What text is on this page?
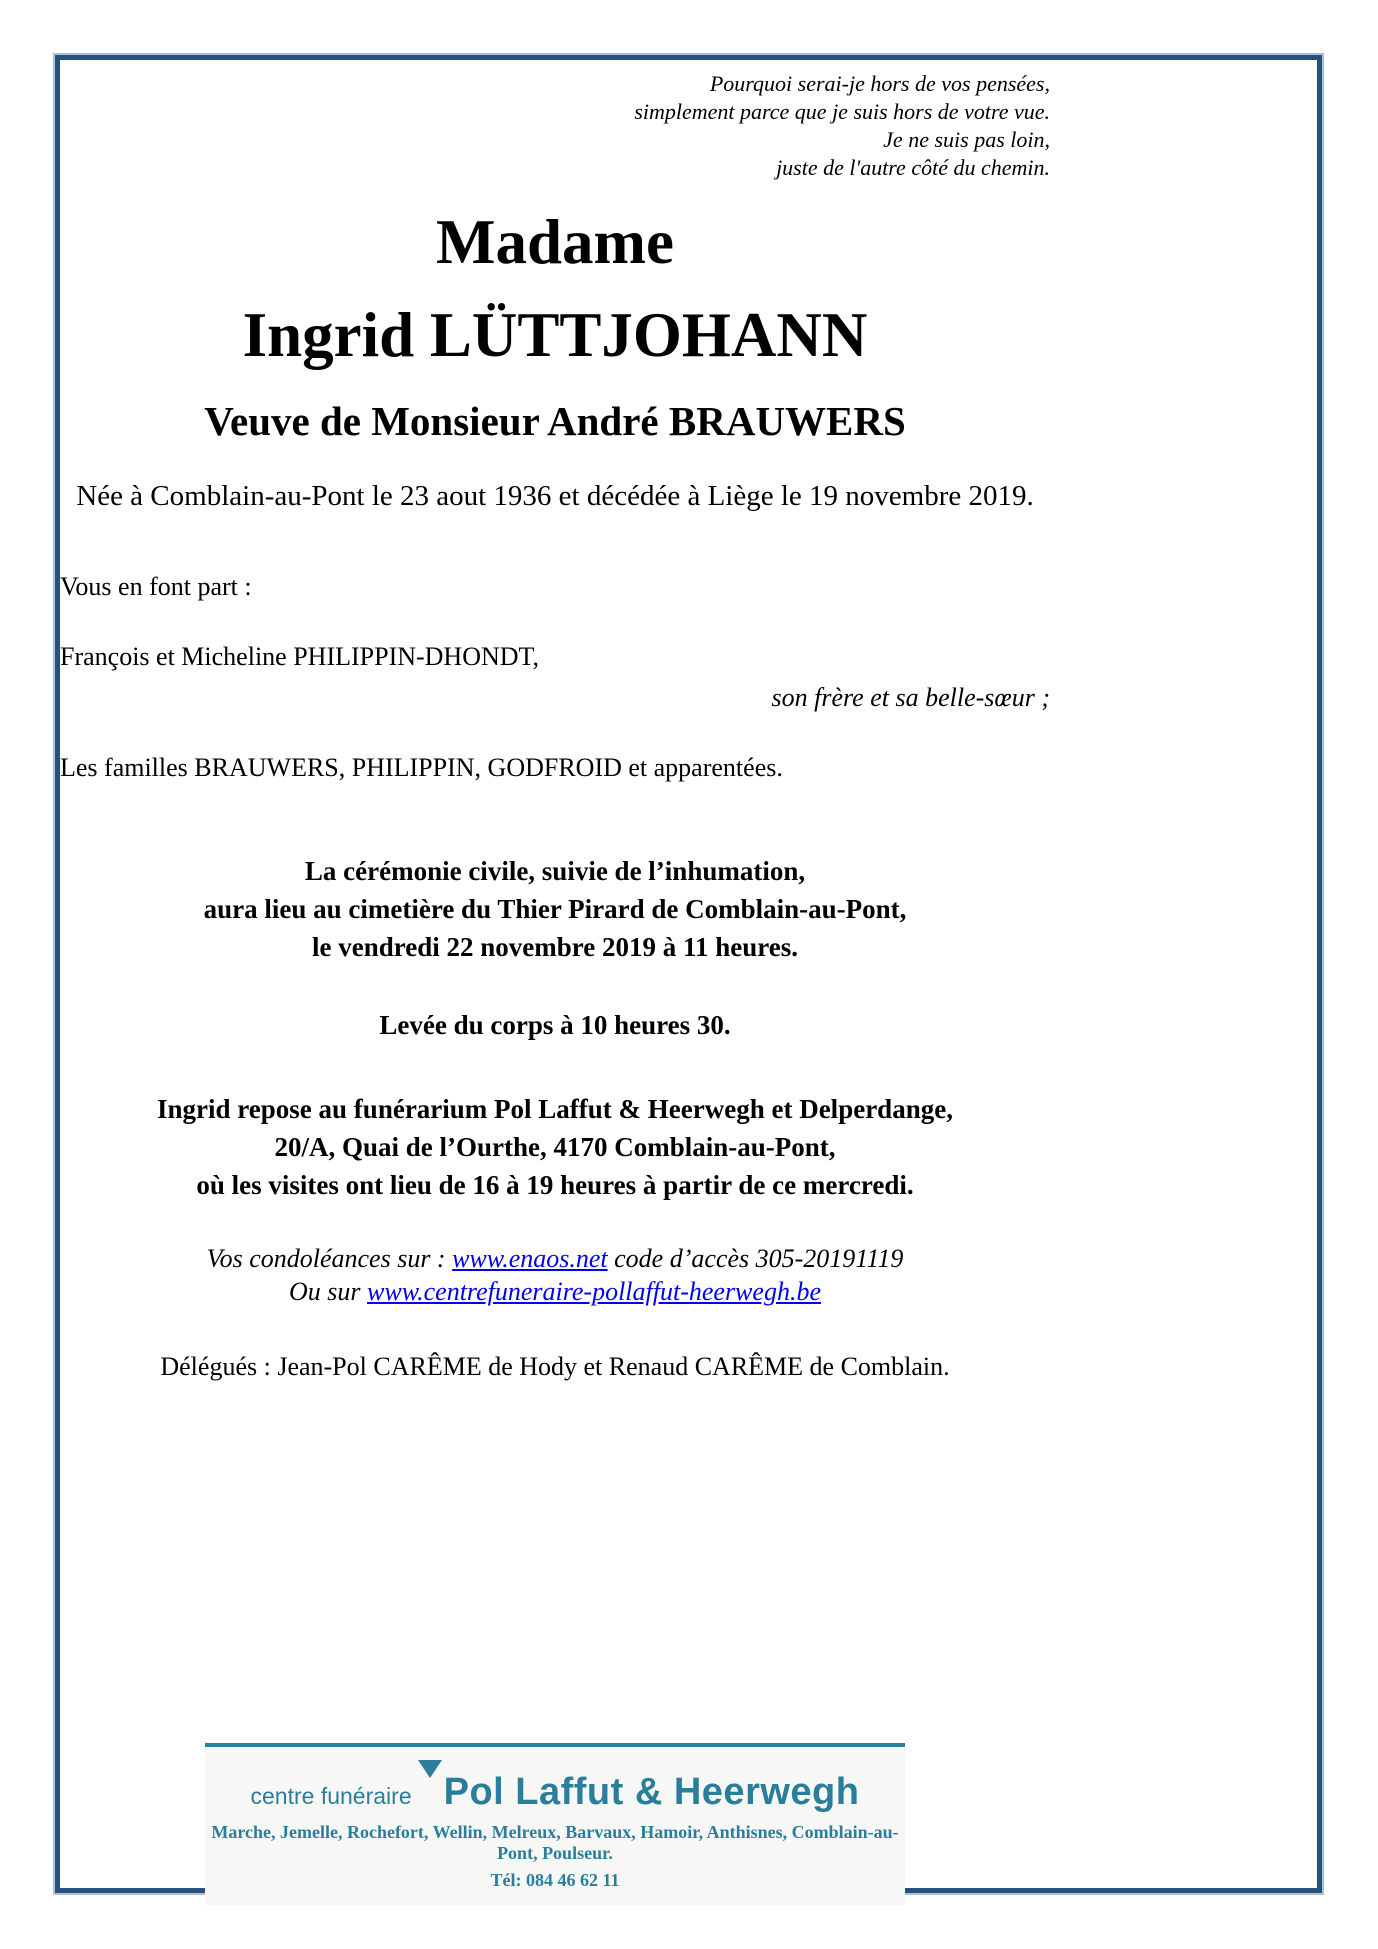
Pourquoi serai-je hors de vos pensées,
simplement parce que je suis hors de votre vue.
Je ne suis pas loin,
juste de l'autre côté du chemin.
Madame
Ingrid LÜTTJOHANN
Veuve de Monsieur André BRAUWERS
Née à Comblain-au-Pont le 23 aout 1936 et décédée à Liège le 19 novembre 2019.
Vous en font part :
François et Micheline PHILIPPIN-DHONDT,
son frère et sa belle-sœur ;
Les familles BRAUWERS, PHILIPPIN, GODFROID et apparentées.
La cérémonie civile, suivie de l’inhumation,
aura lieu au cimetière du Thier Pirard de Comblain-au-Pont,
le vendredi 22 novembre 2019 à 11 heures.
Levée du corps à 10 heures 30.
Ingrid repose au funérarium Pol Laffut & Heerwegh et Delperdange,
20/A, Quai de l’Ourthe, 4170 Comblain-au-Pont,
où les visites ont lieu de 16 à 19 heures à partir de ce mercredi.
Vos condoléances sur : www.enaos.net code d’accès 305-20191119
Ou sur www.centrefuneraire-pollaffut-heerwegh.be
Délégués : Jean-Pol CARÊME de Hody et Renaud CARÊME de Comblain.
centre funéraire Pol Laffut & Heerwegh
Marche, Jemelle, Rochefort, Wellin, Melreux, Barvaux, Hamoir, Anthisnes, Comblain-au-Pont, Poulseur.
Tél: 084 46 62 11
